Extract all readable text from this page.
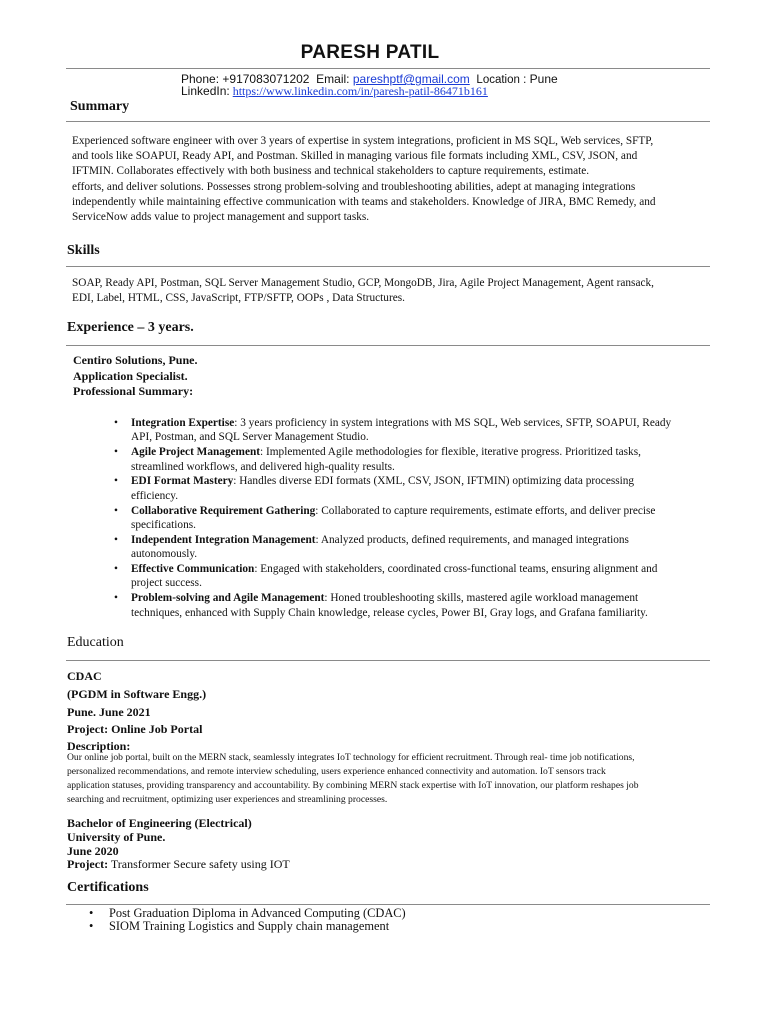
PARESH PATIL
Phone: +917083071202 Email: pareshptf@gmail.com Location : Pune
LinkedIn: https://www.linkedin.com/in/paresh-patil-86471b161
Summary
Experienced software engineer with over 3 years of expertise in system integrations, proficient in MS SQL, Web services, SFTP,
and tools like SOAPUI, Ready API, and Postman. Skilled in managing various file formats including XML, CSV, JSON, and
IFTMIN. Collaborates effectively with both business and technical stakeholders to capture requirements, estimate.
efforts, and deliver solutions. Possesses strong problem-solving and troubleshooting abilities, adept at managing integrations
independently while maintaining effective communication with teams and stakeholders. Knowledge of JIRA, BMC Remedy, and
ServiceNow adds value to project management and support tasks.
Skills
SOAP, Ready API, Postman, SQL Server Management Studio, GCP, MongoDB, Jira, Agile Project Management, Agent ransack,
EDI, Label, HTML, CSS, JavaScript, FTP/SFTP, OOPs , Data Structures.
Experience – 3 years.
Centiro Solutions, Pune.
Application Specialist.
Professional Summary:
• Integration Expertise: 3 years proficiency in system integrations with MS SQL, Web services, SFTP, SOAPUI, Ready
API, Postman, and SQL Server Management Studio.
• Agile Project Management: Implemented Agile methodologies for flexible, iterative progress. Prioritized tasks,
streamlined workflows, and delivered high-quality results.
• EDI Format Mastery: Handles diverse EDI formats (XML, CSV, JSON, IFTMIN) optimizing data processing
efficiency.
• Collaborative Requirement Gathering: Collaborated to capture requirements, estimate efforts, and deliver precise
specifications.
• Independent Integration Management: Analyzed products, defined requirements, and managed integrations
autonomously.
• Effective Communication: Engaged with stakeholders, coordinated cross-functional teams, ensuring alignment and
project success.
• Problem-solving and Agile Management: Honed troubleshooting skills, mastered agile workload management
techniques, enhanced with Supply Chain knowledge, release cycles, Power BI, Gray logs, and Grafana familiarity.
Education
CDAC
(PGDM in Software Engg.)
Pune. June 2021
Project: Online Job Portal
Description:
Our online job portal, built on the MERN stack, seamlessly integrates IoT technology for efficient recruitment. Through real- time job notifications,
personalized recommendations, and remote interview scheduling, users experience enhanced connectivity and automation. IoT sensors track
application statuses, providing transparency and accountability. By combining MERN stack expertise with IoT innovation, our platform reshapes job
searching and recruitment, optimizing user experiences and streamlining processes.
Bachelor of Engineering (Electrical)
University of Pune.
June 2020
Project: Transformer Secure safety using IOT
Certifications
• Post Graduation Diploma in Advanced Computing (CDAC)
• SIOM Training Logistics and Supply chain management
